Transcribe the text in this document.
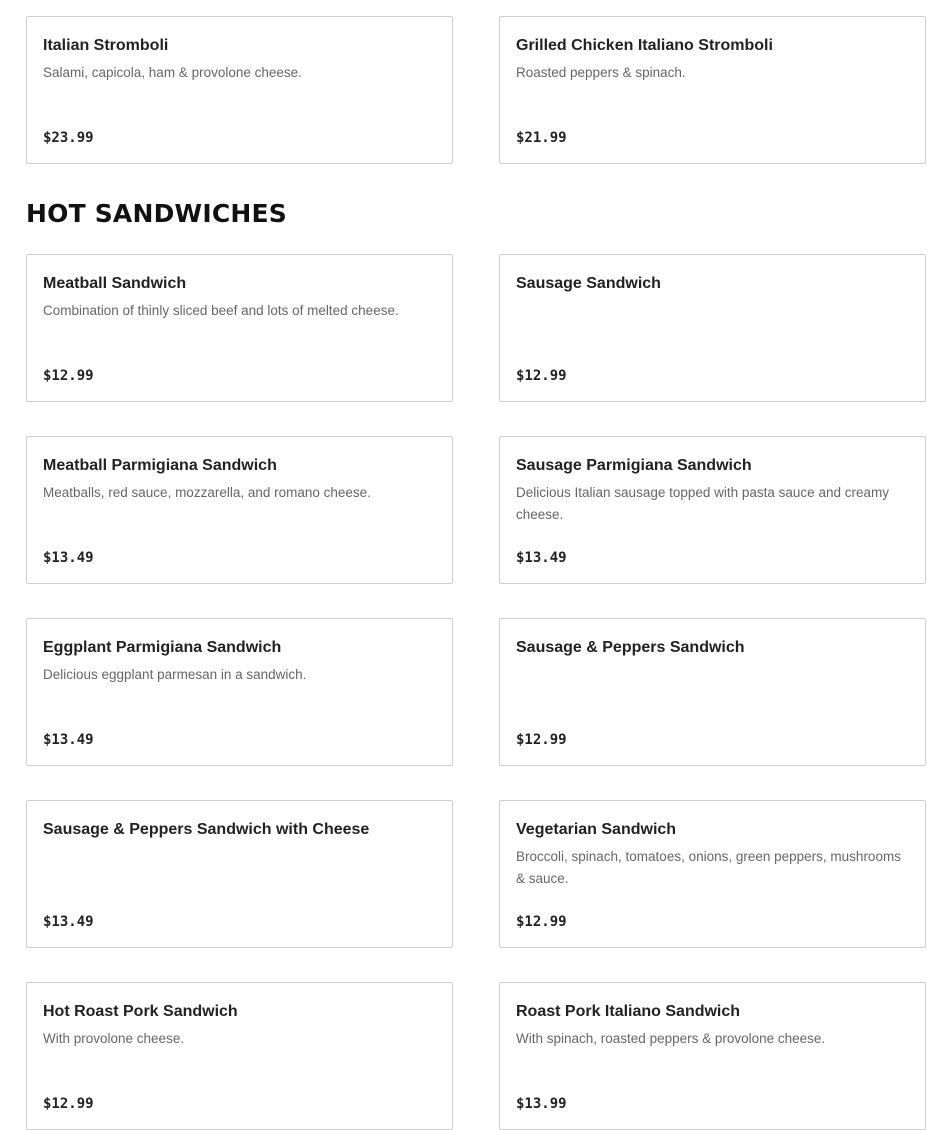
Italian Stromboli
Salami, capicola, ham & provolone cheese.
$23.99
Grilled Chicken Italiano Stromboli
Roasted peppers & spinach.
$21.99
HOT SANDWICHES
Meatball Sandwich
Combination of thinly sliced beef and lots of melted cheese.
$12.99
Sausage Sandwich
$12.99
Meatball Parmigiana Sandwich
Meatballs, red sauce, mozzarella, and romano cheese.
$13.49
Sausage Parmigiana Sandwich
Delicious Italian sausage topped with pasta sauce and creamy cheese.
$13.49
Eggplant Parmigiana Sandwich
Delicious eggplant parmesan in a sandwich.
$13.49
Sausage & Peppers Sandwich
$12.99
Sausage & Peppers Sandwich with Cheese
$13.49
Vegetarian Sandwich
Broccoli, spinach, tomatoes, onions, green peppers, mushrooms & sauce.
$12.99
Hot Roast Pork Sandwich
With provolone cheese.
$12.99
Roast Pork Italiano Sandwich
With spinach, roasted peppers & provolone cheese.
$13.99
